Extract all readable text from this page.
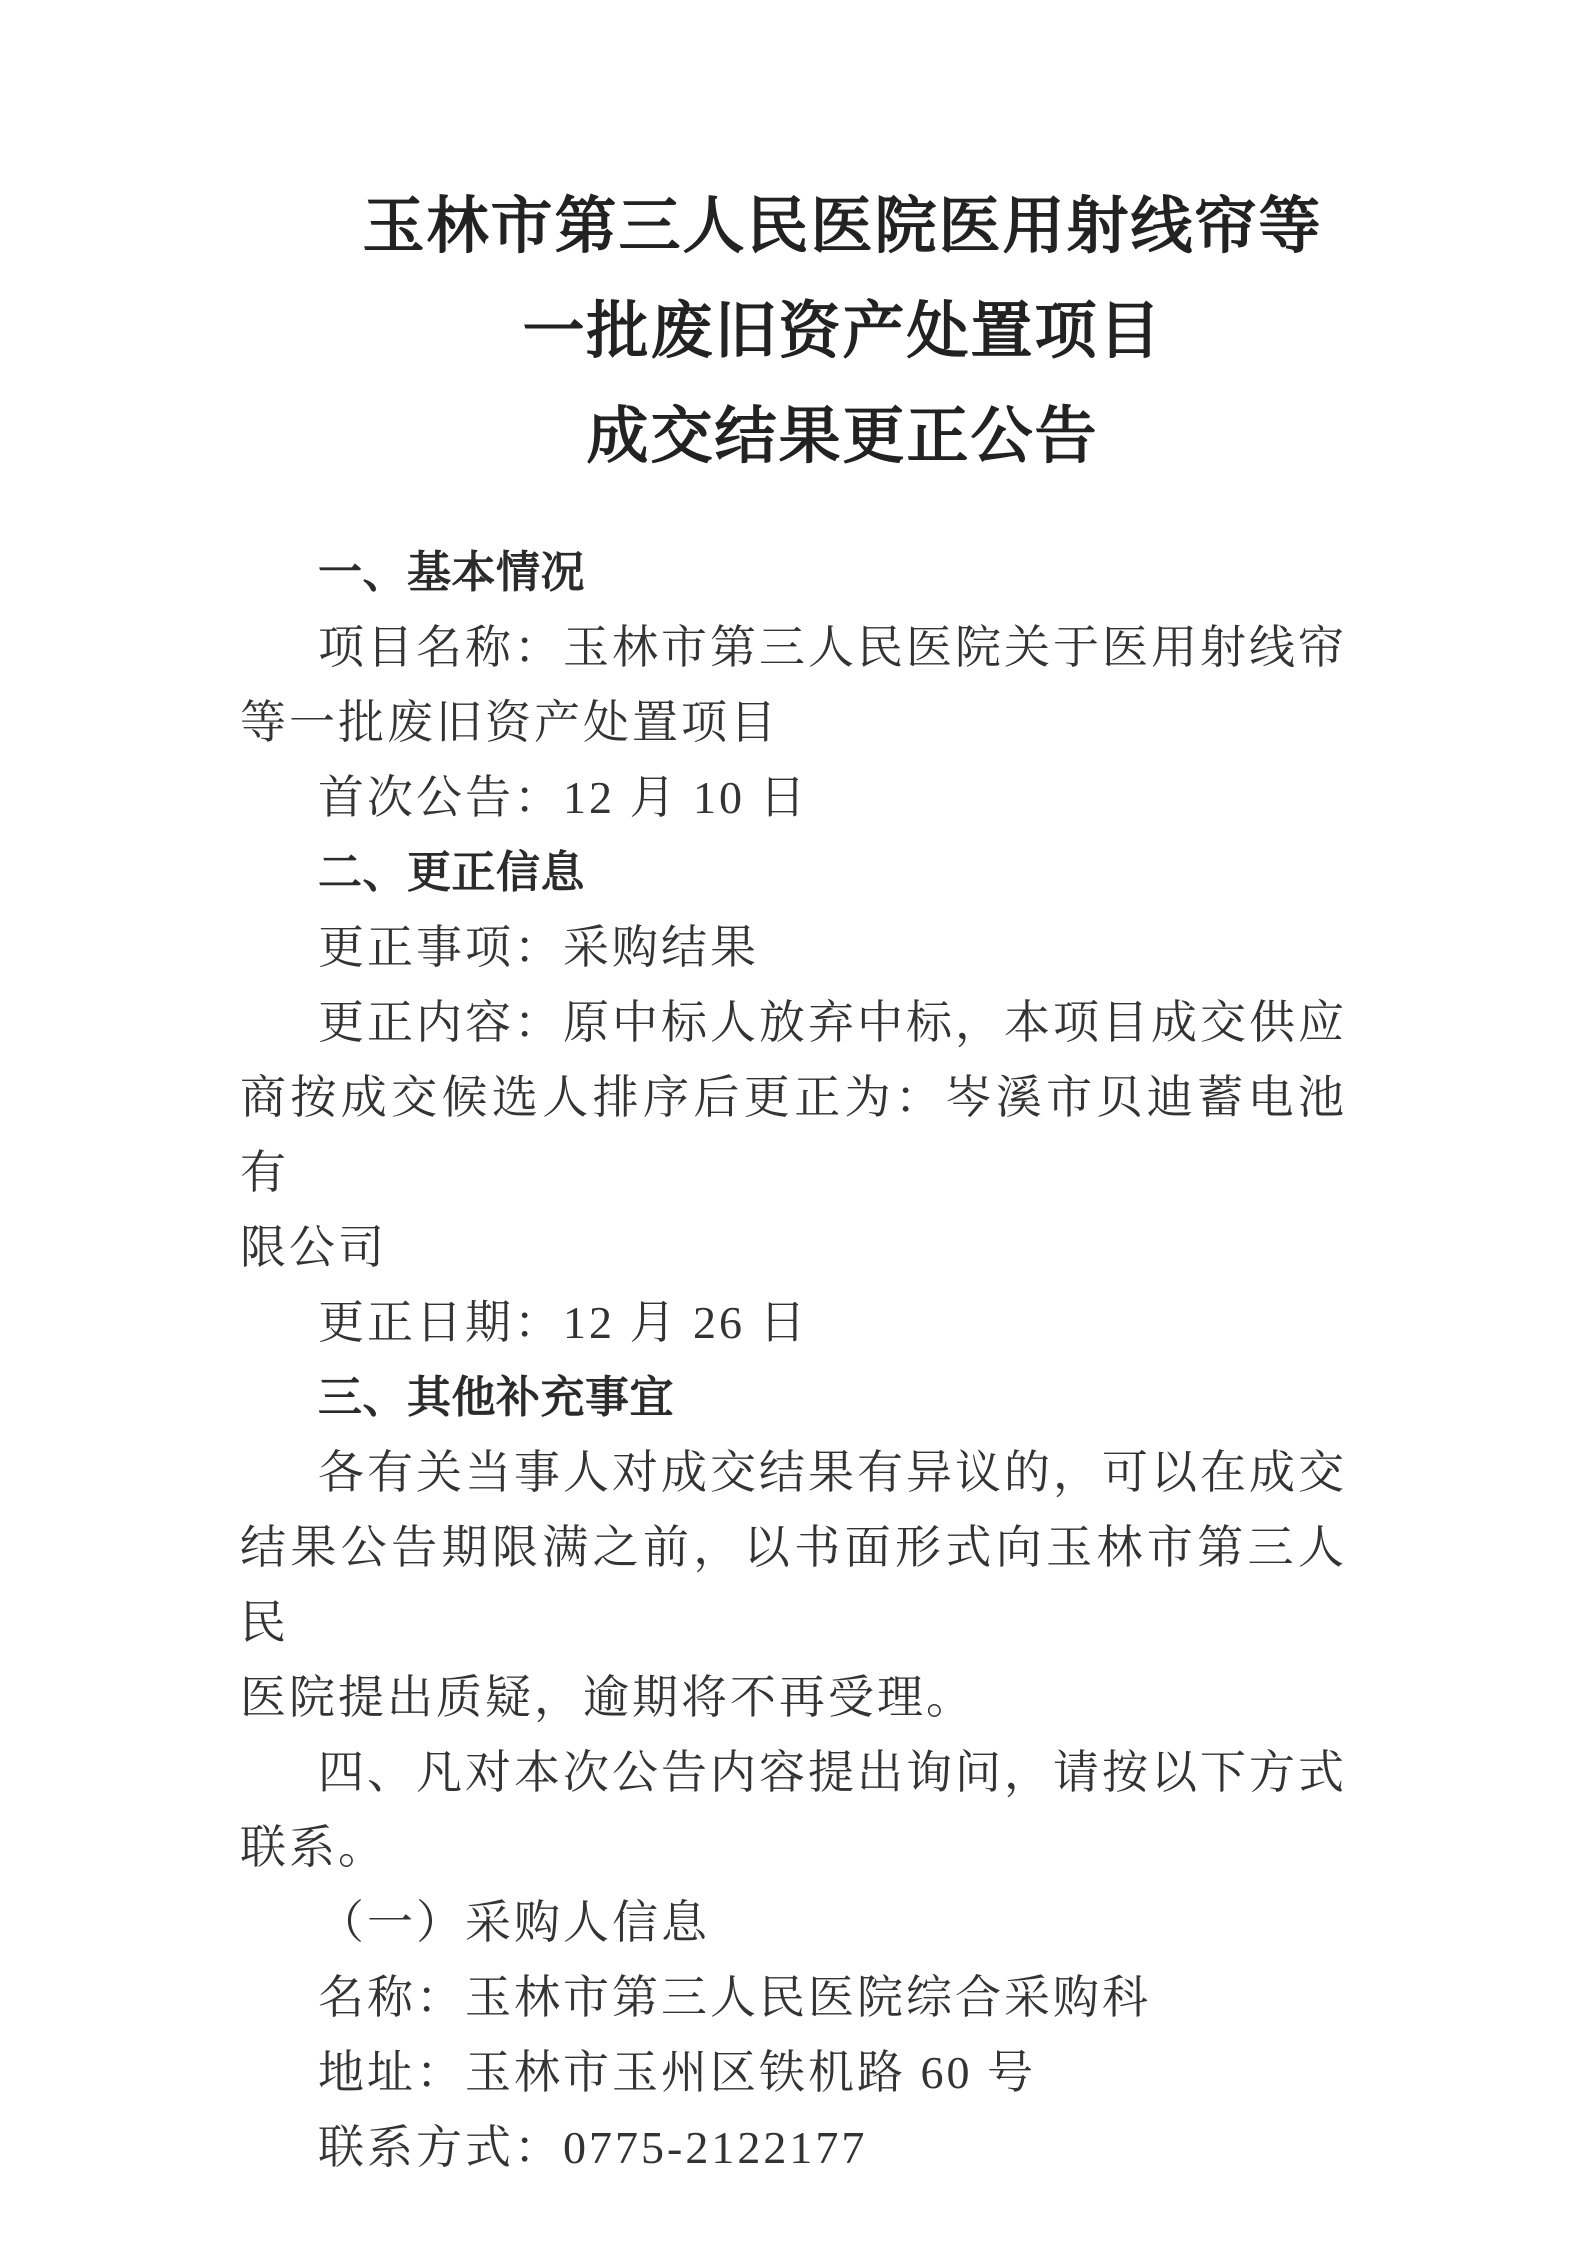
玉林市第三人民医院医用射线帘等
一批废旧资产处置项目
成交结果更正公告
一、基本情况
项目名称：玉林市第三人民医院关于医用射线帘
等一批废旧资产处置项目
首次公告：12 月 10 日
二、更正信息
更正事项：采购结果
更正内容：原中标人放弃中标，本项目成交供应
商按成交候选人排序后更正为：岑溪市贝迪蓄电池有
限公司
更正日期：12 月 26 日
三、其他补充事宜
各有关当事人对成交结果有异议的，可以在成交
结果公告期限满之前，以书面形式向玉林市第三人民
医院提出质疑，逾期将不再受理。
四、凡对本次公告内容提出询问，请按以下方式
联系。
（一）采购人信息
名称：玉林市第三人民医院综合采购科
地址：玉林市玉州区铁机路 60 号
联系方式：0775-2122177
